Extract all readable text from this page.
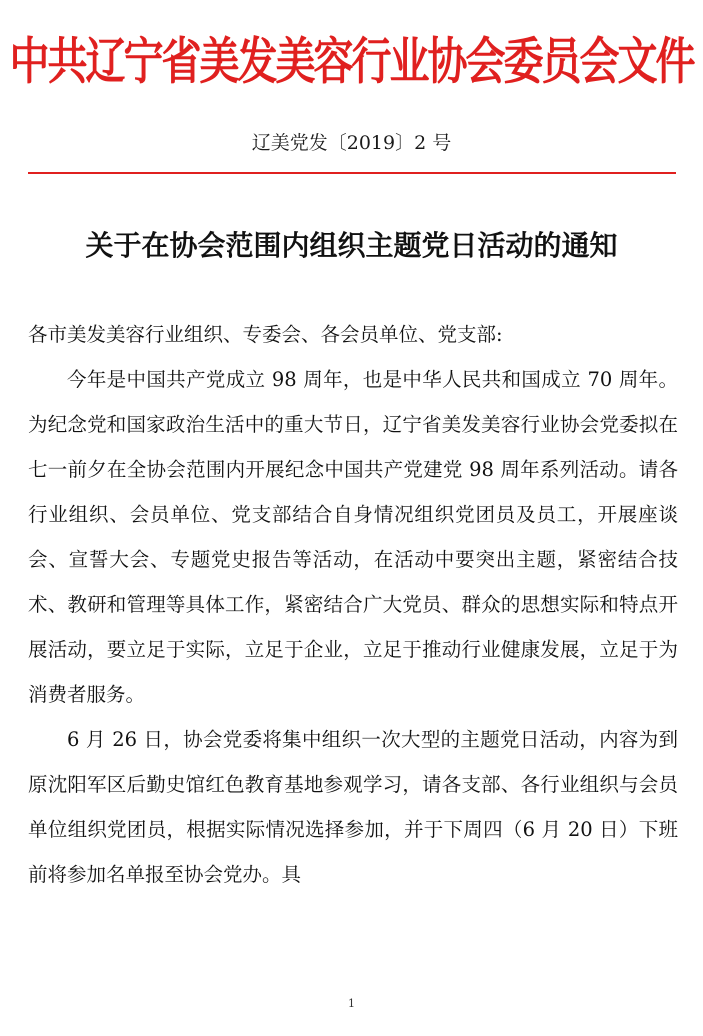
中共辽宁省美发美容行业协会委员会文件
辽美党发〔2019〕2 号
关于在协会范围内组织主题党日活动的通知

各市美发美容行业组织、专委会、各会员单位、党支部:

今年是中国共产党成立 98 周年，也是中华人民共和国成立 70 周年。为纪念党和国家政治生活中的重大节日，辽宁省美发美容行业协会党委拟在七一前夕在全协会范围内开展纪念中国共产党建党 98 周年系列活动。请各行业组织、会员单位、党支部结合自身情况组织党团员及员工，开展座谈会、宣誓大会、专题党史报告等活动，在活动中要突出主题，紧密结合技术、教研和管理等具体工作，紧密结合广大党员、群众的思想实际和特点开展活动，要立足于实际，立足于企业，立足于推动行业健康发展，立足于为消费者服务。

6 月 26 日，协会党委将集中组织一次大型的主题党日活动，内容为到原沈阳军区后勤史馆红色教育基地参观学习，请各支部、各行业组织与会员单位组织党团员，根据实际情况选择参加，并于下周四（6 月 20 日）下班前将参加名单报至协会党办。具

1
